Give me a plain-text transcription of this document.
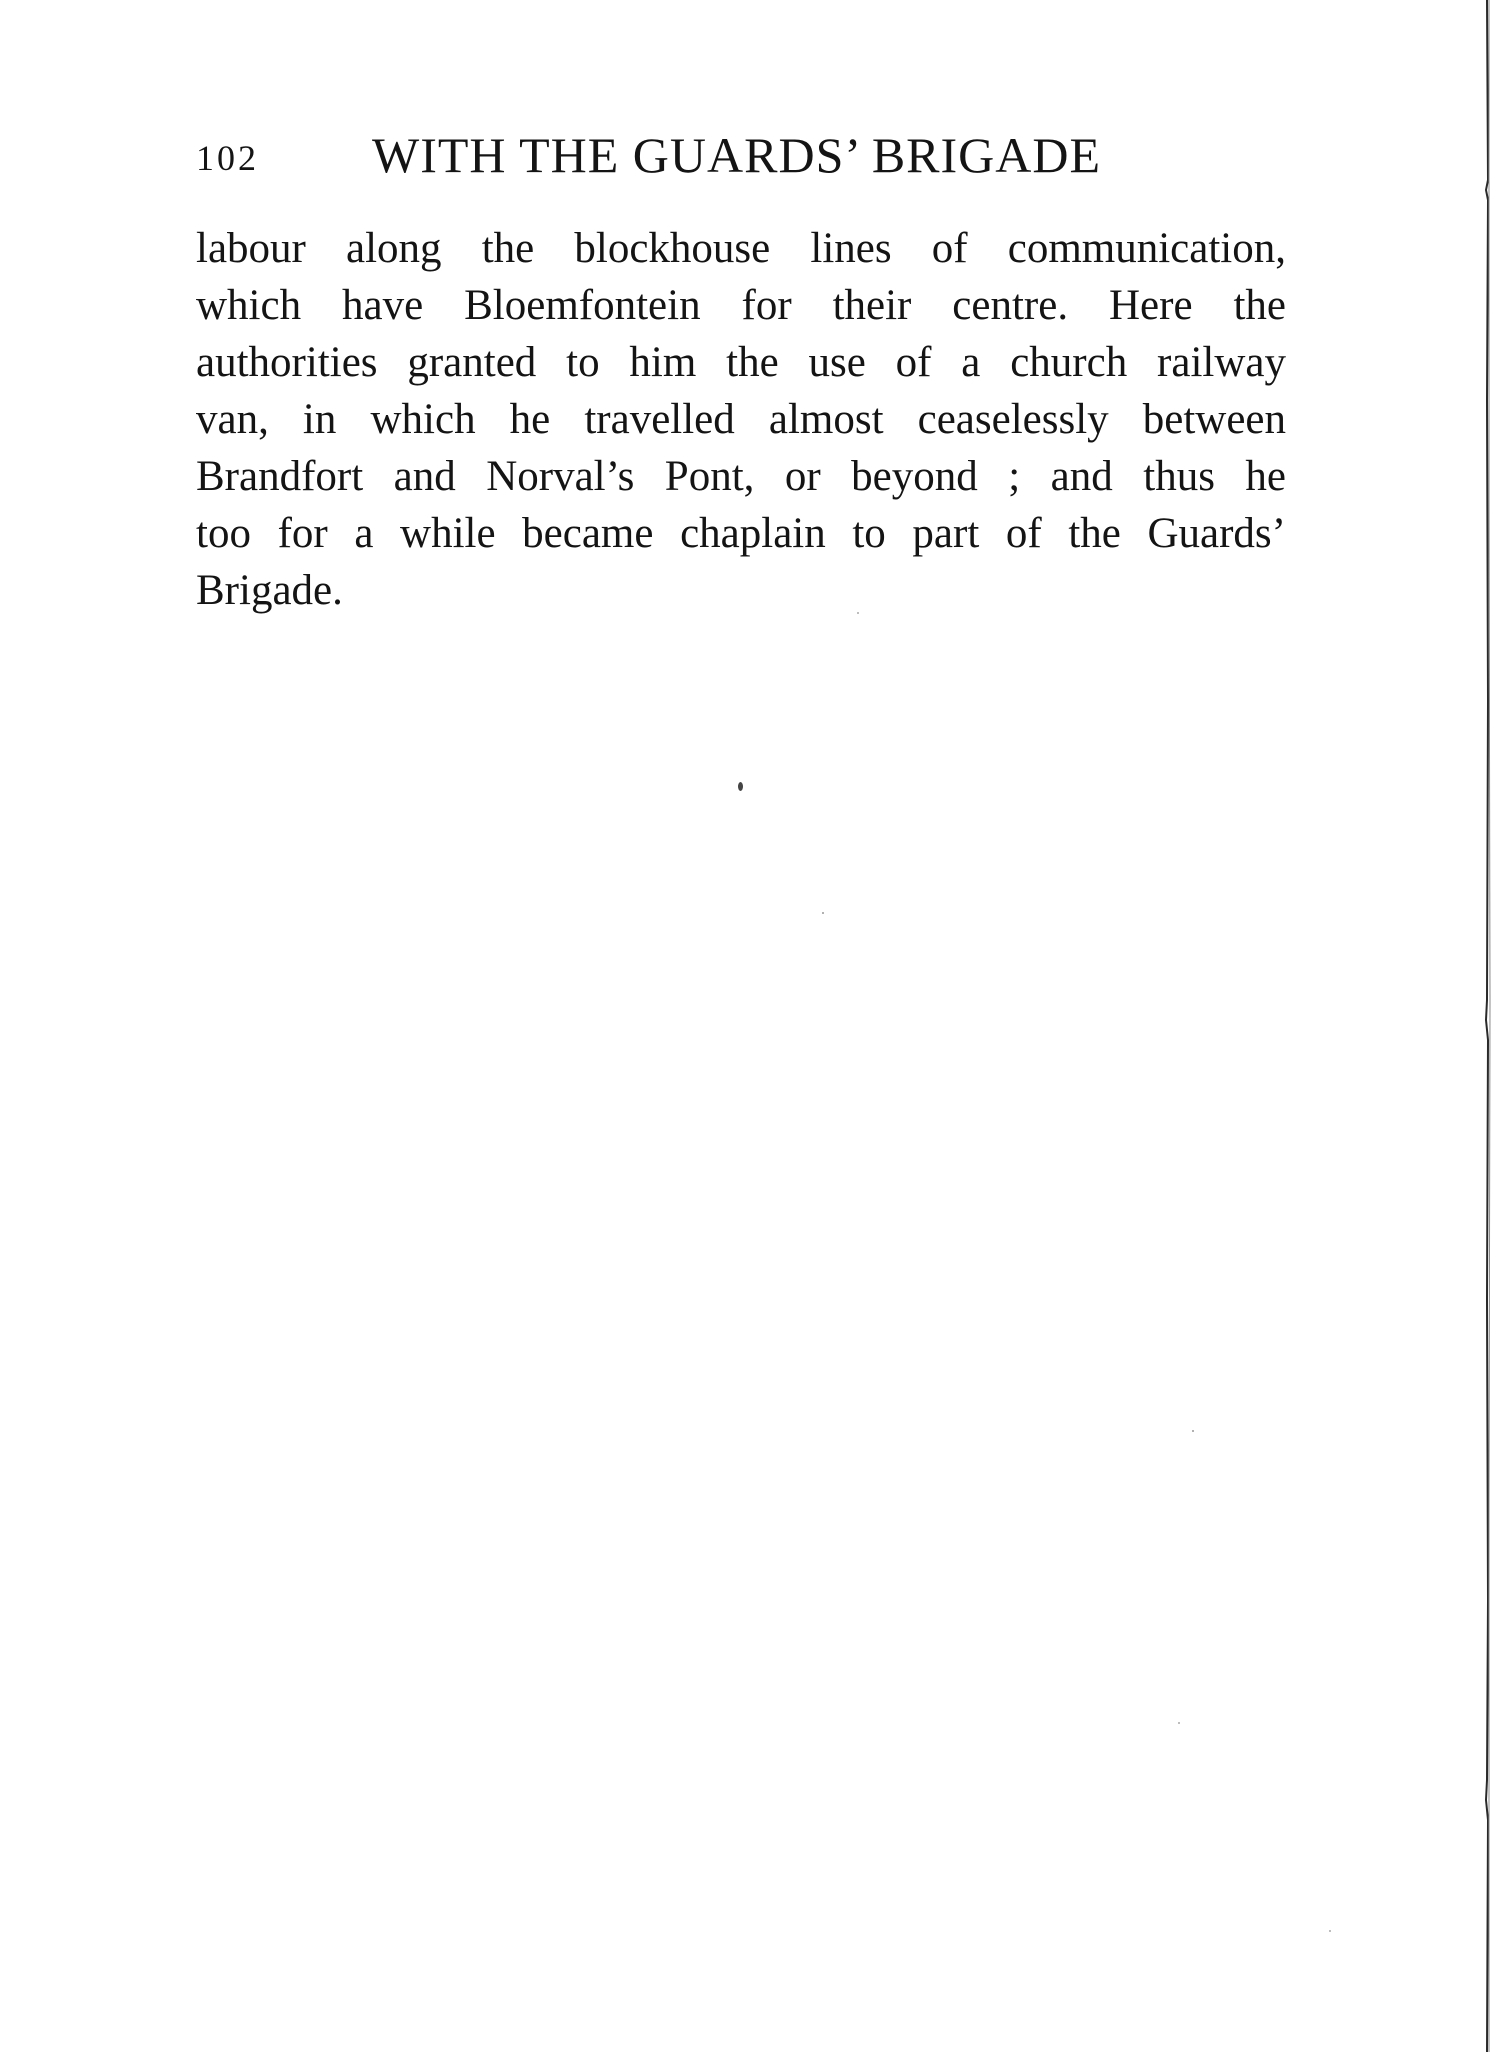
102 WITH THE GUARDS’ BRIGADE
labour along the blockhouse lines of communication,
which have Bloemfontein for their centre. Here the
authorities granted to him the use of a church railway
van, in which he travelled almost ceaselessly between
Brandfort and Norval’s Pont, or beyond ; and thus he
too for a while became chaplain to part of the Guards’
Brigade.
